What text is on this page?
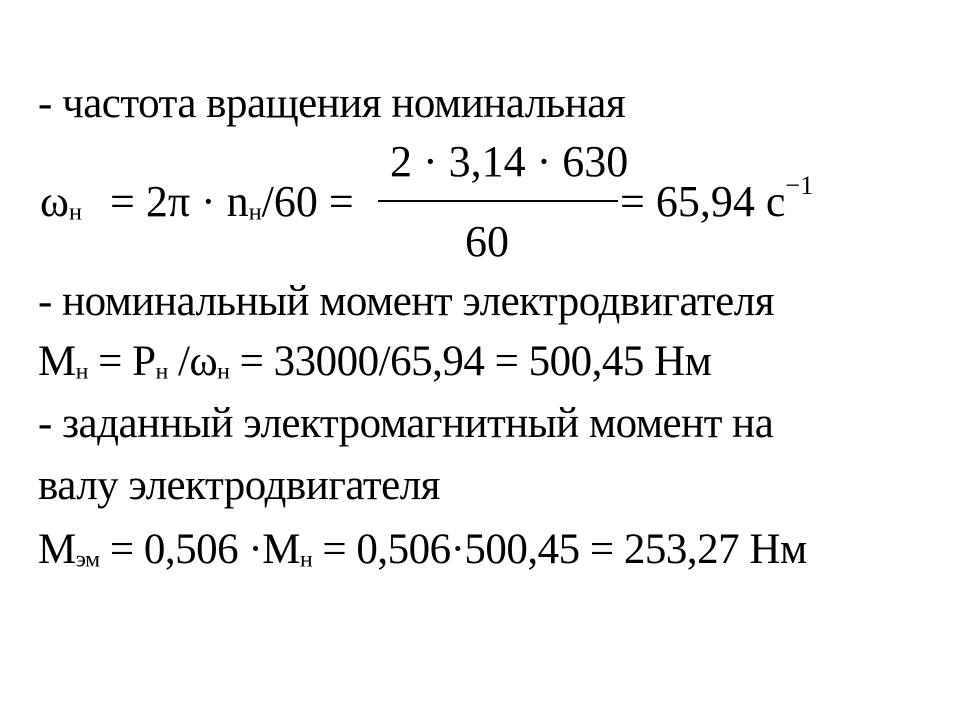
- частота вращения номинальная
$\omega_н = 2\pi \cdot n_н/60$ =
2 · 3,14 · 630
60
= 65,94 $c^{-1}$
- номинальный момент электродвигателя
$M_н = P_н$ $/\omega_н = 33000/65,94 = 500,45$ Нм
- заданный электромагнитный момент на
валу электродвигателя
$M_{эм} = 0,506 \cdot M_н = 0,506\cdot 500,45 = 253,27$ Нм
